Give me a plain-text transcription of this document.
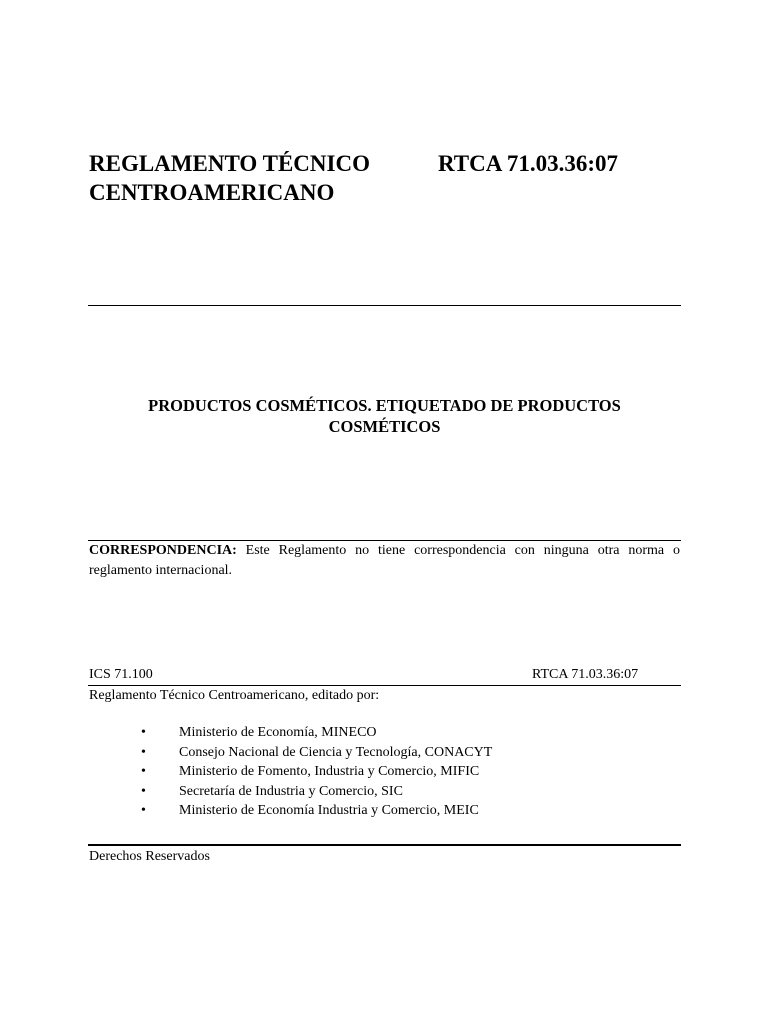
REGLAMENTO TÉCNICO
CENTROAMERICANO
RTCA 71.03.36:07
PRODUCTOS COSMÉTICOS. ETIQUETADO DE PRODUCTOS
COSMÉTICOS
CORRESPONDENCIA: Este Reglamento no tiene correspondencia con ninguna otra norma o reglamento internacional.
ICS 71.100	RTCA 71.03.36:07
Reglamento Técnico Centroamericano, editado por:
• Ministerio de Economía, MINECO
• Consejo Nacional de Ciencia y Tecnología, CONACYT
• Ministerio de Fomento, Industria y Comercio, MIFIC
• Secretaría de Industria y Comercio, SIC
• Ministerio de Economía Industria y Comercio, MEIC
Derechos Reservados
